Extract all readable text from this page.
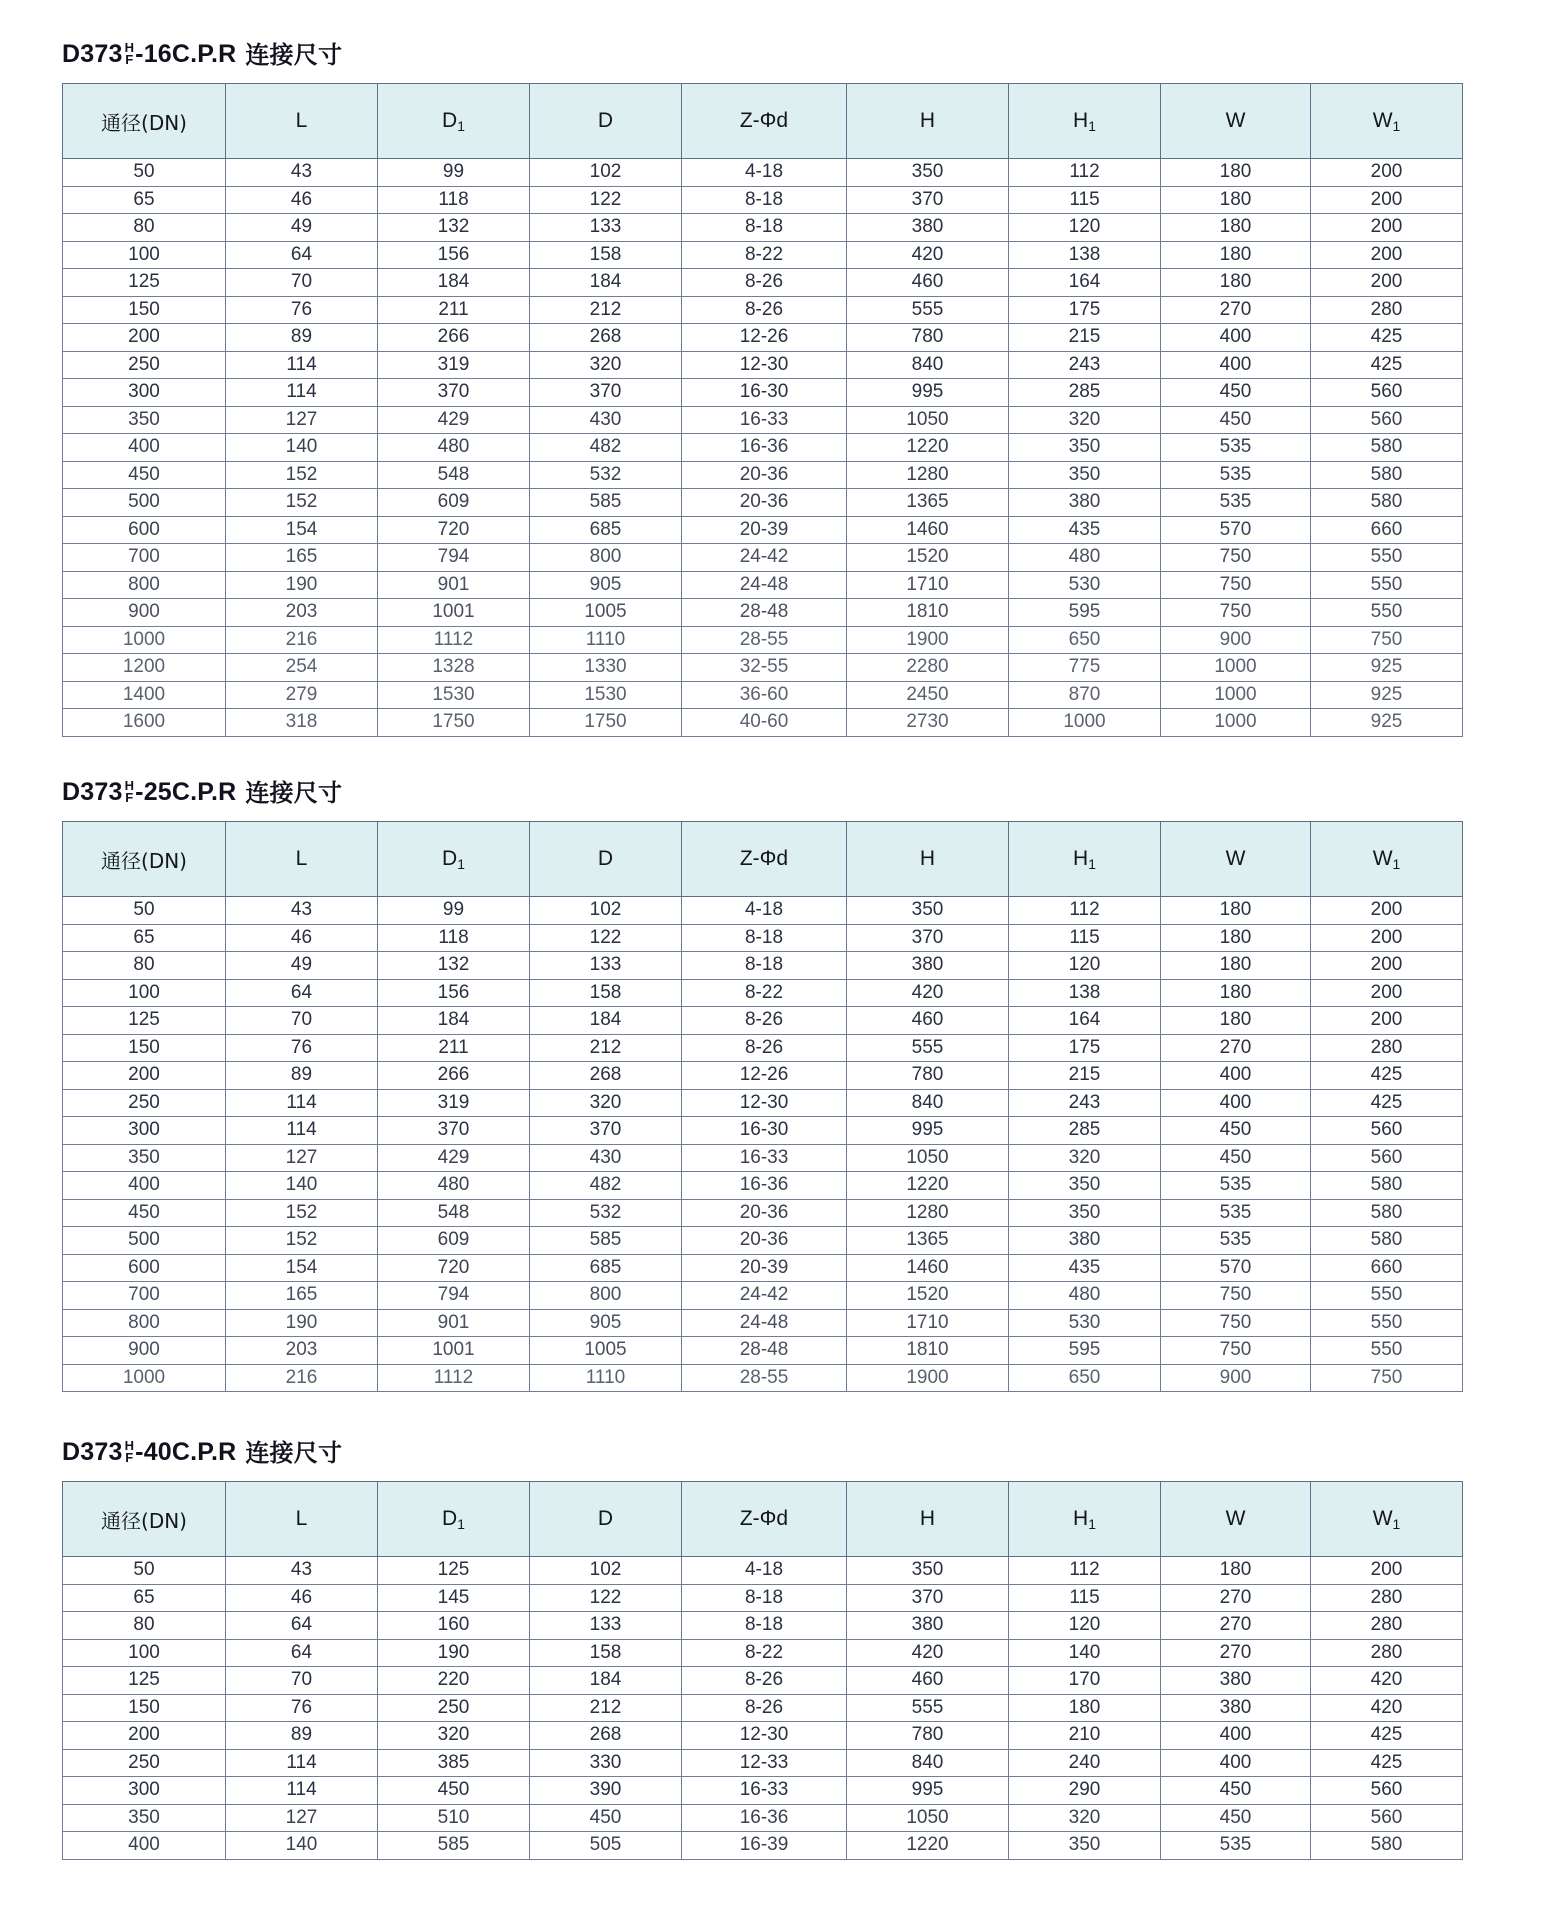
D373 H
F -16C.P.R 连接尺寸
通径(DN)	L	$D_1$	D	Z-Φd	H	$H_1$	W	$W_1$
50	43	99	102	4-18	350	112	180	200
65	46	118	122	8-18	370	115	180	200
80	49	132	133	8-18	380	120	180	200
100	64	156	158	8-22	420	138	180	200
125	70	184	184	8-26	460	164	180	200
150	76	211	212	8-26	555	175	270	280
200	89	266	268	12-26	780	215	400	425
250	114	319	320	12-30	840	243	400	425
300	114	370	370	16-30	995	285	450	560
350	127	429	430	16-33	1050	320	450	560
400	140	480	482	16-36	1220	350	535	580
450	152	548	532	20-36	1280	350	535	580
500	152	609	585	20-36	1365	380	535	580
600	154	720	685	20-39	1460	435	570	660
700	165	794	800	24-42	1520	480	750	550
800	190	901	905	24-48	1710	530	750	550
900	203	1001	1005	28-48	1810	595	750	550
1000	216	1112	1110	28-55	1900	650	900	750
1200	254	1328	1330	32-55	2280	775	1000	925
1400	279	1530	1530	36-60	2450	870	1000	925
1600	318	1750	1750	40-60	2730	1000	1000	925
D373 H
F -25C.P.R 连接尺寸
通径(DN)	L	$D_1$	D	Z-Φd	H	$H_1$	W	$W_1$
50	43	99	102	4-18	350	112	180	200
65	46	118	122	8-18	370	115	180	200
80	49	132	133	8-18	380	120	180	200
100	64	156	158	8-22	420	138	180	200
125	70	184	184	8-26	460	164	180	200
150	76	211	212	8-26	555	175	270	280
200	89	266	268	12-26	780	215	400	425
250	114	319	320	12-30	840	243	400	425
300	114	370	370	16-30	995	285	450	560
350	127	429	430	16-33	1050	320	450	560
400	140	480	482	16-36	1220	350	535	580
450	152	548	532	20-36	1280	350	535	580
500	152	609	585	20-36	1365	380	535	580
600	154	720	685	20-39	1460	435	570	660
700	165	794	800	24-42	1520	480	750	550
800	190	901	905	24-48	1710	530	750	550
900	203	1001	1005	28-48	1810	595	750	550
1000	216	1112	1110	28-55	1900	650	900	750
D373 H
F -40C.P.R 连接尺寸
通径(DN)	L	$D_1$	D	Z-Φd	H	$H_1$	W	$W_1$
50	43	125	102	4-18	350	112	180	200
65	46	145	122	8-18	370	115	270	280
80	64	160	133	8-18	380	120	270	280
100	64	190	158	8-22	420	140	270	280
125	70	220	184	8-26	460	170	380	420
150	76	250	212	8-26	555	180	380	420
200	89	320	268	12-30	780	210	400	425
250	114	385	330	12-33	840	240	400	425
300	114	450	390	16-33	995	290	450	560
350	127	510	450	16-36	1050	320	450	560
400	140	585	505	16-39	1220	350	535	580
